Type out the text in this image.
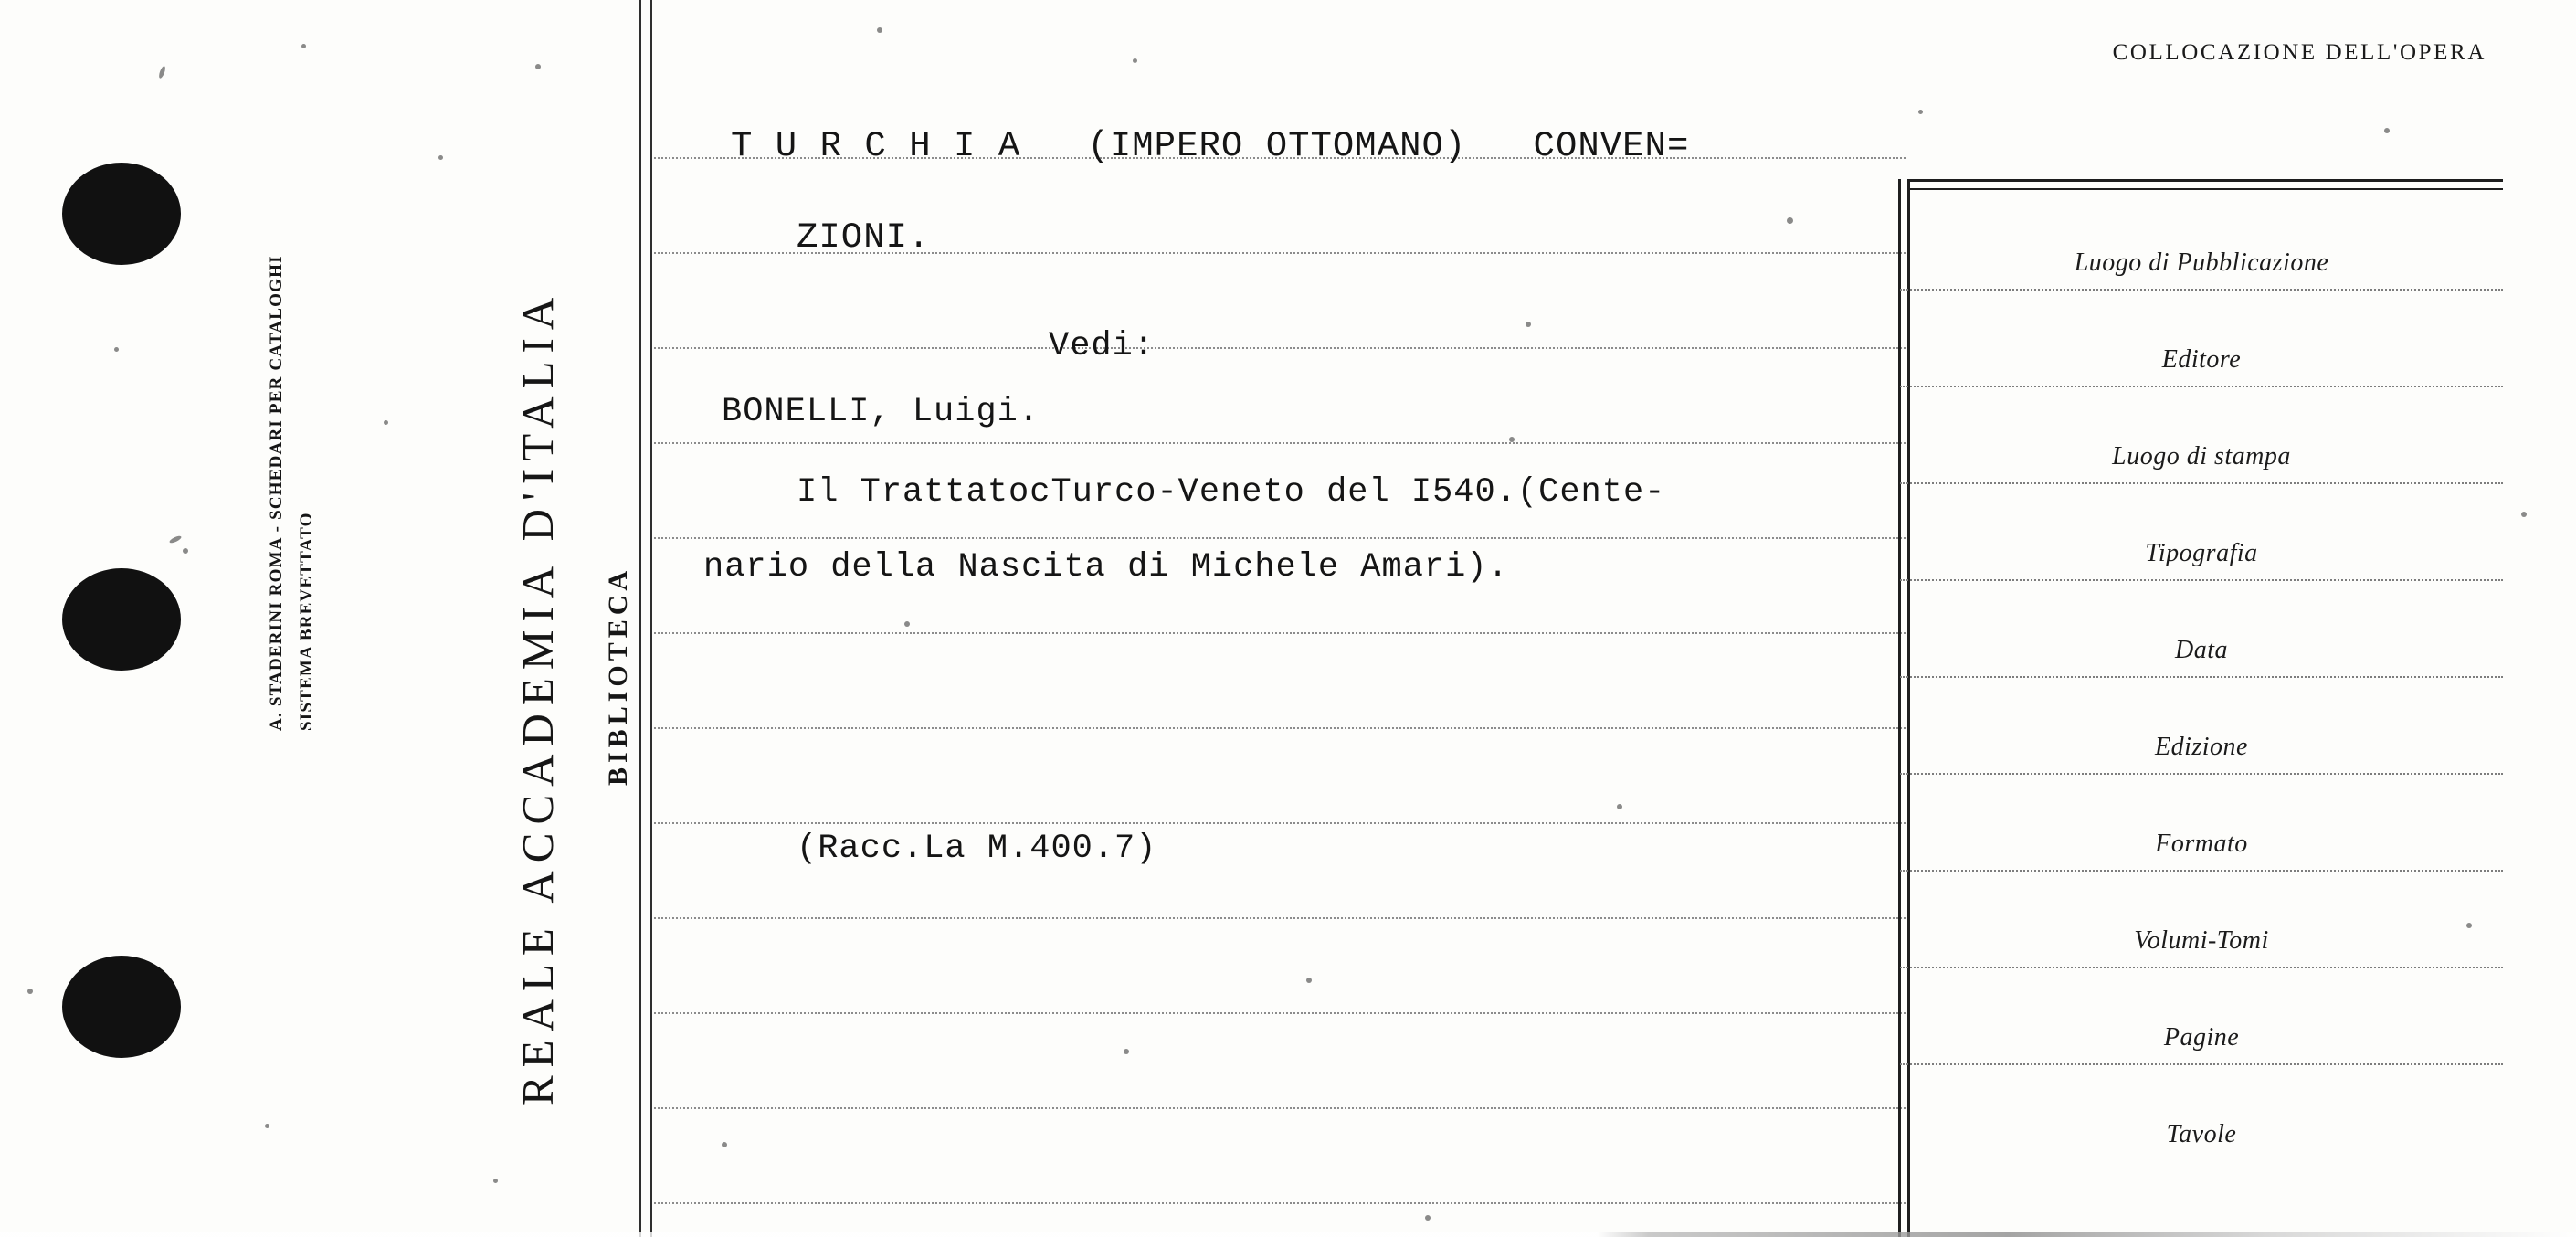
A. STADERINI ROMA - SCHEDARI PER CATALOGHI SISTEMA BREVETTATO	REALE ACCADEMIA D'ITALIA BIBLIOTECA
COLLOCAZIONE DELL'OPERA
T U R C H I A   (IMPERO OTTOMANO)   CONVEN=
ZIONI.
Vedi:
BONELLI, Luigi.
Il TrattatocTurco-Veneto del I540.(Cente-
nario della Nascita di Michele Amari).
(Racc.La M.400.7)
Luogo di Pubblicazione
Editore
Luogo di stampa
Tipografia
Data
Edizione
Formato
Volumi-Tomi
Pagine
Tavole
